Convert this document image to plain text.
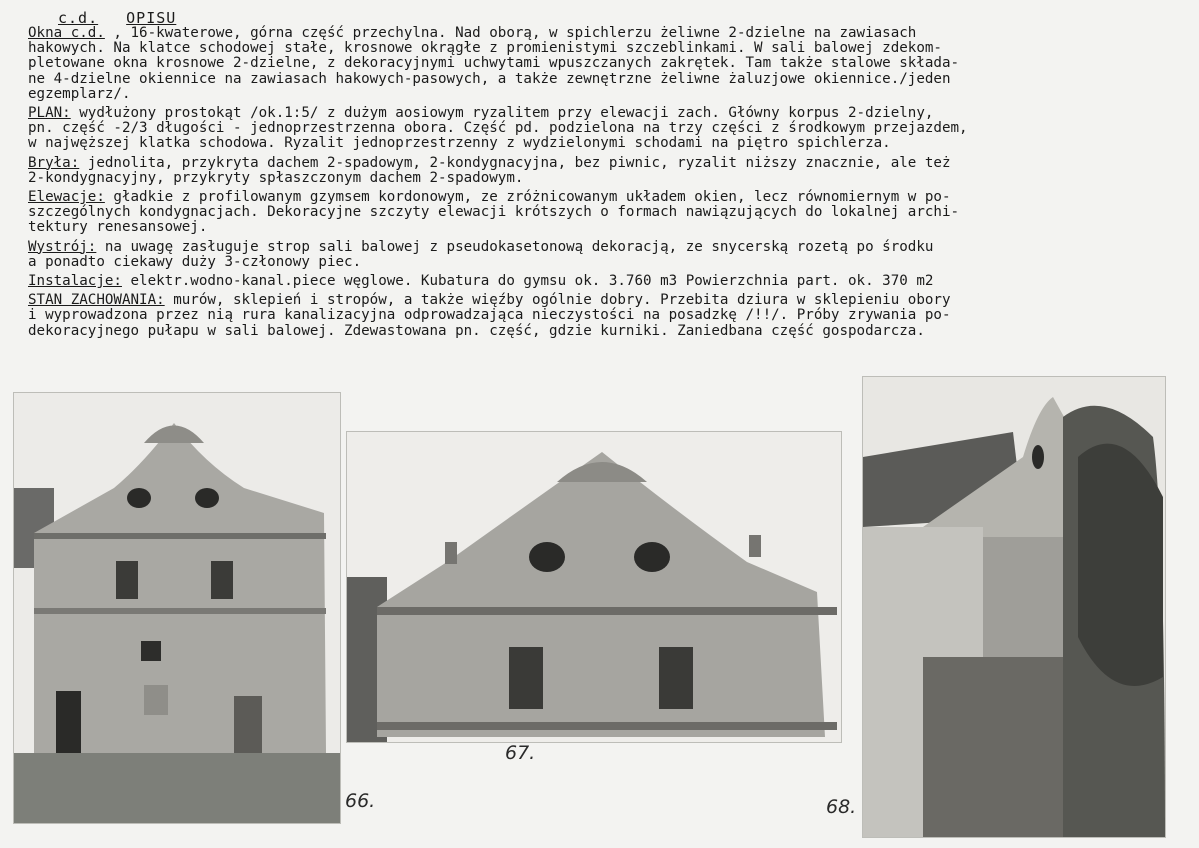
c.d. OPISU
Okna c.d. , 16-kwaterowe, górna część przechylna. Nad oborą, w spichlerzu żeliwne 2-dzielne na zawiasach
hakowych. Na klatce schodowej stałe, krosnowe okrągłe z promienistymi szczeblinkami. W sali balowej zdekom-
pletowane okna krosnowe 2-dzielne, z dekoracyjnymi uchwytami wpuszczanych zakrętek. Tam także stalowe składa-
ne 4-dzielne okiennice na zawiasach hakowych-pasowych, a także zewnętrzne żeliwne żaluzjowe okiennice./jeden
egzemplarz/.
PLAN: wydłużony prostokąt /ok.1:5/ z dużym aosiowym ryzalitem przy elewacji zach. Główny korpus 2-dzielny,
pn. część -2/3 długości - jednoprzestrzenna obora. Część pd. podzielona na trzy części z środkowym przejazdem,
w najwęższej klatka schodowa. Ryzalit jednoprzestrzenny z wydzielonymi schodami na piętro spichlerza.
Bryła: jednolita, przykryta dachem 2-spadowym, 2-kondygnacyjna, bez piwnic, ryzalit niższy znacznie, ale też
2-kondygnacyjny, przykryty spłaszczonym dachem 2-spadowym.
Elewacje: gładkie z profilowanym gzymsem kordonowym, ze zróżnicowanym układem okien, lecz równomiernym w po-
szczególnych kondygnacjach. Dekoracyjne szczyty elewacji krótszych o formach nawiązujących do lokalnej archi-
tektury renesansowej.
Wystrój: na uwagę zasługuje strop sali balowej z pseudokasetonową dekoracją, ze snycerską rozetą po środku
a ponadto ciekawy duży 3-członowy piec.
Instalacje: elektr.wodno-kanal.piece węglowe. Kubatura do gymsu ok. 3.760 m3 Powierzchnia part. ok. 370 m2
STAN ZACHOWANIA: murów, sklepień i stropów, a także więźby ogólnie dobry. Przebita dziura w sklepieniu obory
i wyprowadzona przez nią rura kanalizacyjna odprowadzająca nieczystości na posadzkę /!!/. Próby zrywania po-
dekoracyjnego pułapu w sali balowej. Zdewastowana pn. część, gdzie kurniki. Zaniedbana część gospodarcza.
66.
67.
68.
